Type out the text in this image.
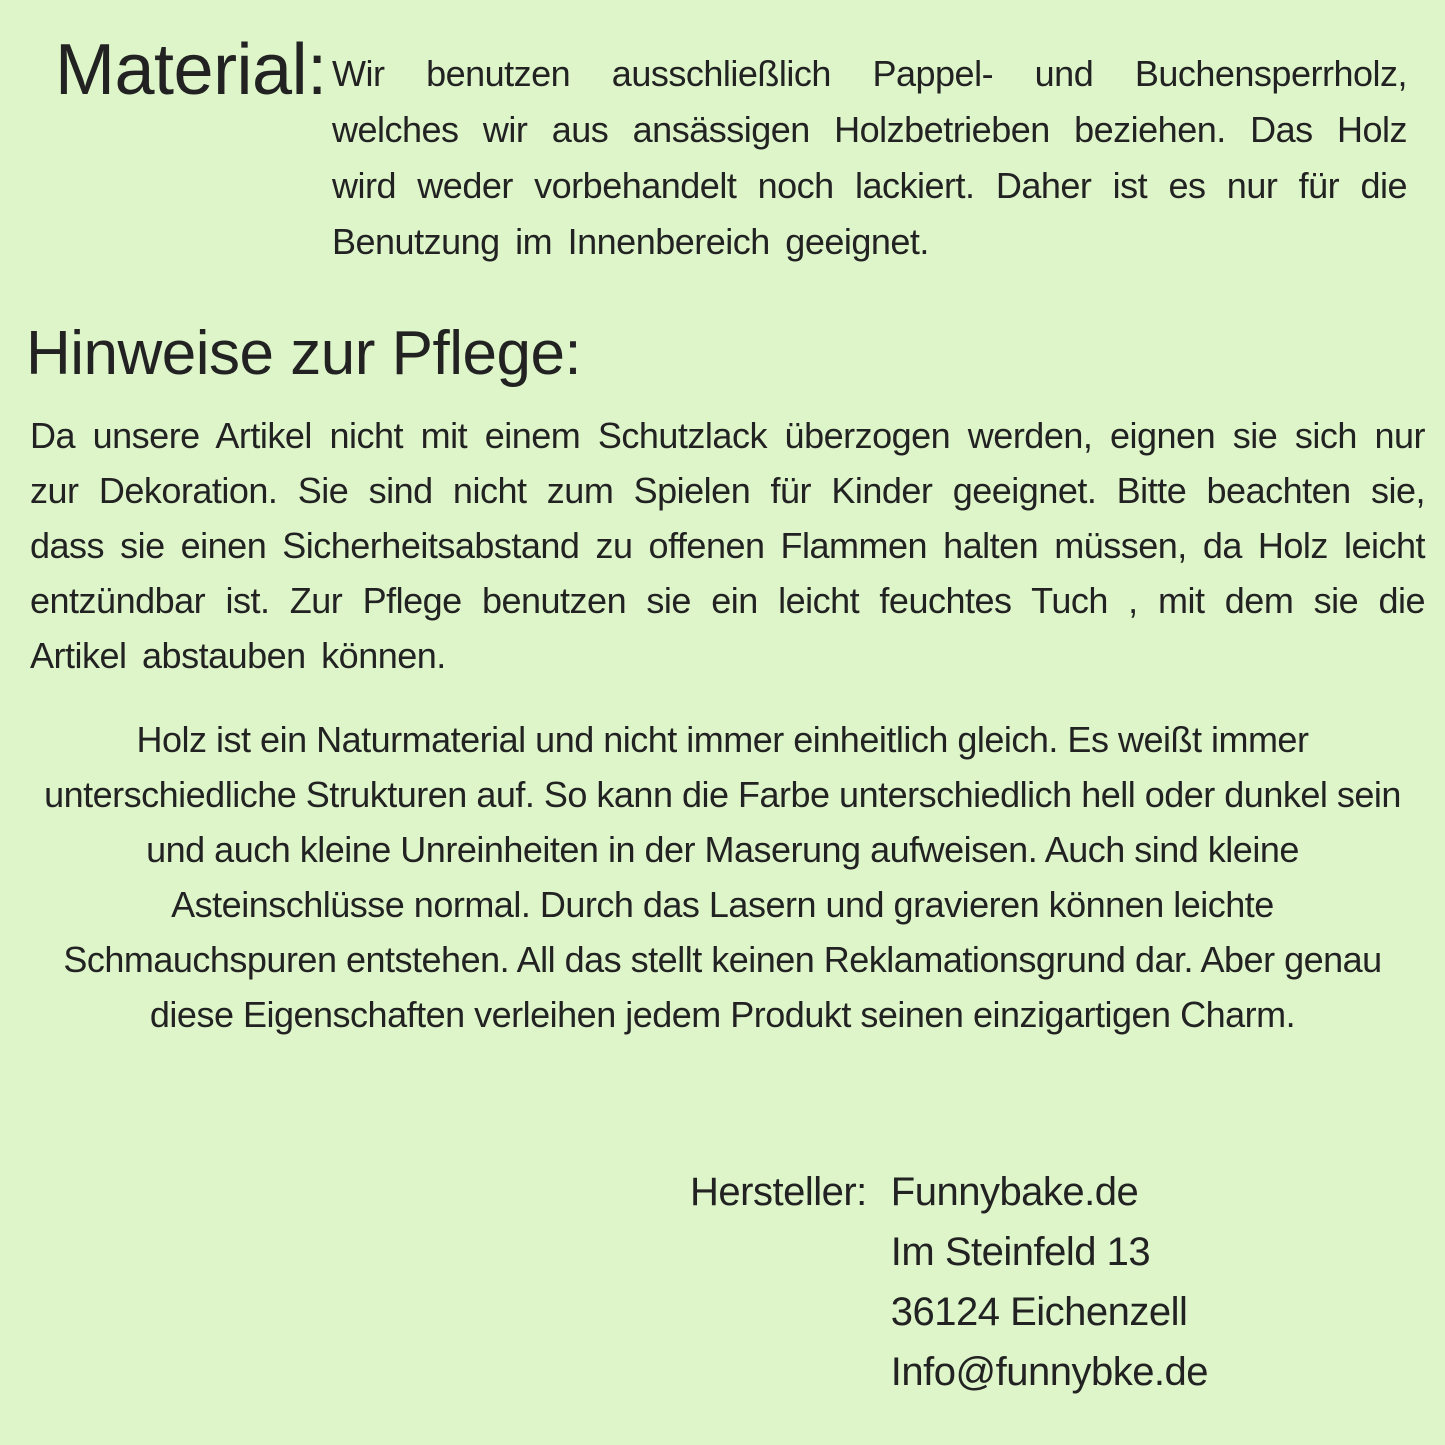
Material: Wir benutzen ausschließlich Pappel- und Buchensperrholz, welches wir aus ansässigen Holzbetrieben beziehen. Das Holz wird weder vorbehandelt noch lackiert. Daher ist es nur für die Benutzung im Innenbereich geeignet.
Hinweise zur Pflege:
Da unsere Artikel nicht mit einem Schutzlack überzogen werden, eignen sie sich nur zur Dekoration. Sie sind nicht zum Spielen für Kinder geeignet. Bitte beachten sie, dass sie einen Sicherheitsabstand zu offenen Flammen halten müssen, da Holz leicht entzündbar ist. Zur Pflege benutzen sie ein leicht feuchtes Tuch , mit dem sie die Artikel abstauben können.
Holz ist ein Naturmaterial und nicht immer einheitlich gleich. Es weißt immer unterschiedliche Strukturen auf. So kann die Farbe unterschiedlich hell oder dunkel sein und auch kleine Unreinheiten in der Maserung aufweisen. Auch sind kleine Asteinschlüsse normal. Durch das Lasern und gravieren können leichte Schmauchspuren entstehen. All das stellt keinen Reklamationsgrund dar. Aber genau diese Eigenschaften verleihen jedem Produkt seinen einzigartigen Charm.
Hersteller: Funnybake.de
Im Steinfeld 13
36124 Eichenzell
Info@funnybke.de
